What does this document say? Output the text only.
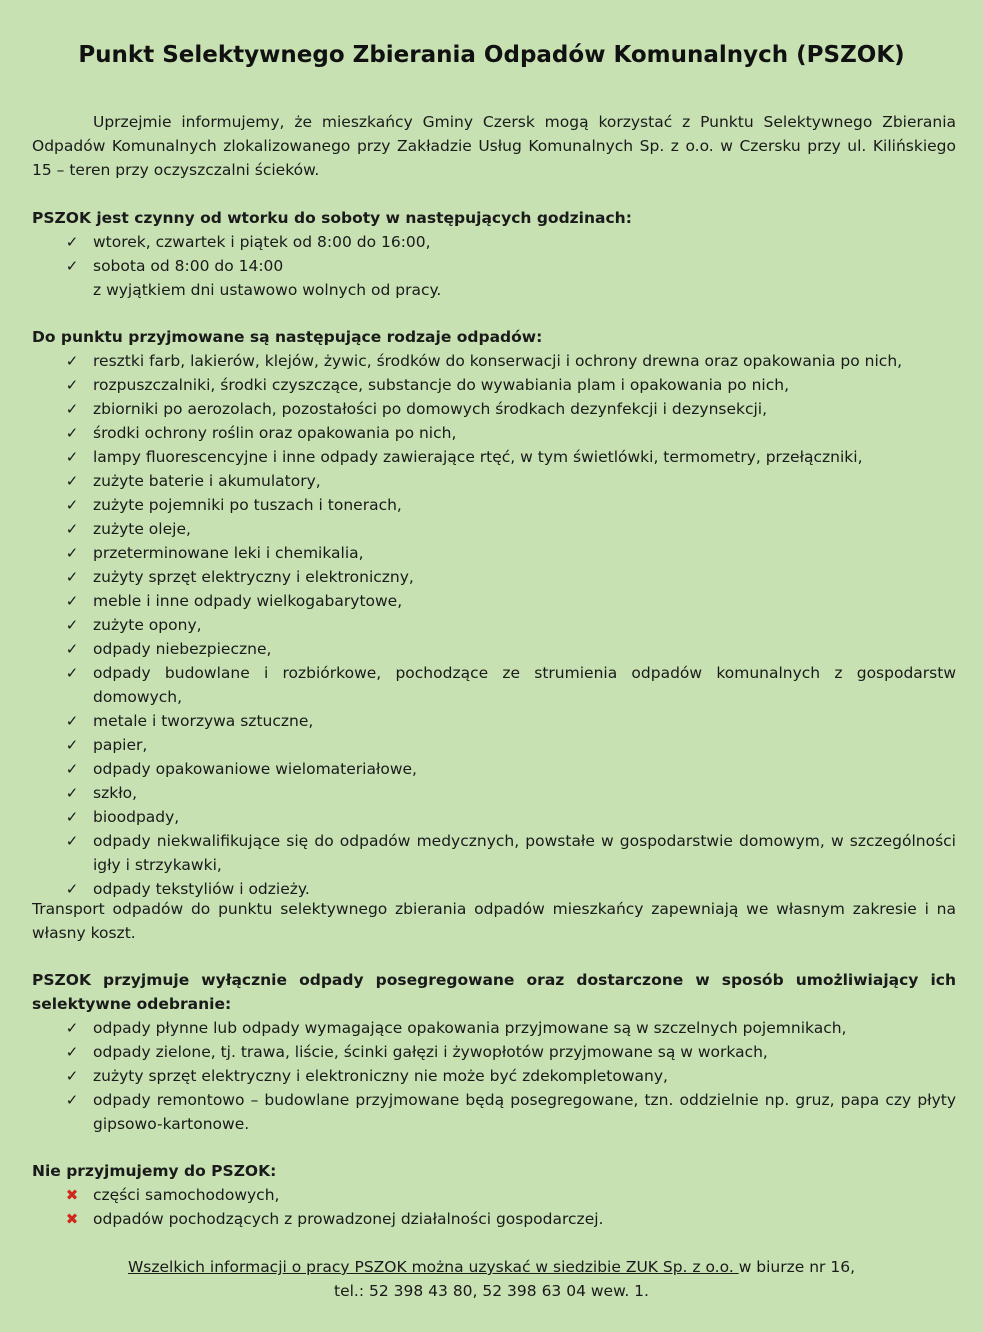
Punkt Selektywnego Zbierania Odpadów Komunalnych (PSZOK)

Uprzejmie informujemy, że mieszkańcy Gminy Czersk mogą korzystać z Punktu Selektywnego Zbierania Odpadów Komunalnych zlokalizowanego przy Zakładzie Usług Komunalnych Sp. z o.o. w Czersku przy ul. Kilińskiego 15 – teren przy oczyszczalni ścieków.

PSZOK jest czynny od wtorku do soboty w następujących godzinach:
✓
wtorek, czwartek i piątek od 8:00 do 16:00,
✓
sobota od 8:00 do 14:00
z wyjątkiem dni ustawowo wolnych od pracy.
Do punktu przyjmowane są następujące rodzaje odpadów:
✓
resztki farb, lakierów, klejów, żywic, środków do konserwacji i ochrony drewna oraz opakowania po nich,
✓
rozpuszczalniki, środki czyszczące, substancje do wywabiania plam i opakowania po nich,
✓
zbiorniki po aerozolach, pozostałości po domowych środkach dezynfekcji i dezynsekcji,
✓
środki ochrony roślin oraz opakowania po nich,
✓
lampy fluorescencyjne i inne odpady zawierające rtęć, w tym świetlówki, termometry, przełączniki,
✓
zużyte baterie i akumulatory,
✓
zużyte pojemniki po tuszach i tonerach,
✓
zużyte oleje,
✓
przeterminowane leki i chemikalia,
✓
zużyty sprzęt elektryczny i elektroniczny,
✓
meble i inne odpady wielkogabarytowe,
✓
zużyte opony,
✓
odpady niebezpieczne,
✓
odpady budowlane i rozbiórkowe, pochodzące ze strumienia odpadów komunalnych z gospodarstw domowych,
✓
metale i tworzywa sztuczne,
✓
papier,
✓
odpady opakowaniowe wielomateriałowe,
✓
szkło,
✓
bioodpady,
✓
odpady niekwalifikujące się do odpadów medycznych, powstałe w gospodarstwie domowym, w szczególności igły i strzykawki,
✓
odpady tekstyliów i odzieży.

Transport odpadów do punktu selektywnego zbierania odpadów mieszkańcy zapewniają we własnym zakresie i na własny koszt.

PSZOK przyjmuje wyłącznie odpady posegregowane oraz dostarczone w sposób umożliwiający ich selektywne odebranie:
✓
odpady płynne lub odpady wymagające opakowania przyjmowane są w szczelnych pojemnikach,
✓
odpady zielone, tj. trawa, liście, ścinki gałęzi i żywopłotów przyjmowane są w workach,
✓
zużyty sprzęt elektryczny i elektroniczny nie może być zdekompletowany,
✓
odpady remontowo – budowlane przyjmowane będą posegregowane, tzn. oddzielnie np. gruz, papa czy płyty gipsowo-kartonowe.
Nie przyjmujemy do PSZOK:
✖
części samochodowych,
✖
odpadów pochodzących z prowadzonej działalności gospodarczej.
Wszelkich informacji o pracy PSZOK można uzyskać w siedzibie ZUK Sp. z o.o. w biurze nr 16,
tel.: 52 398 43 80, 52 398 63 04 wew. 1.
